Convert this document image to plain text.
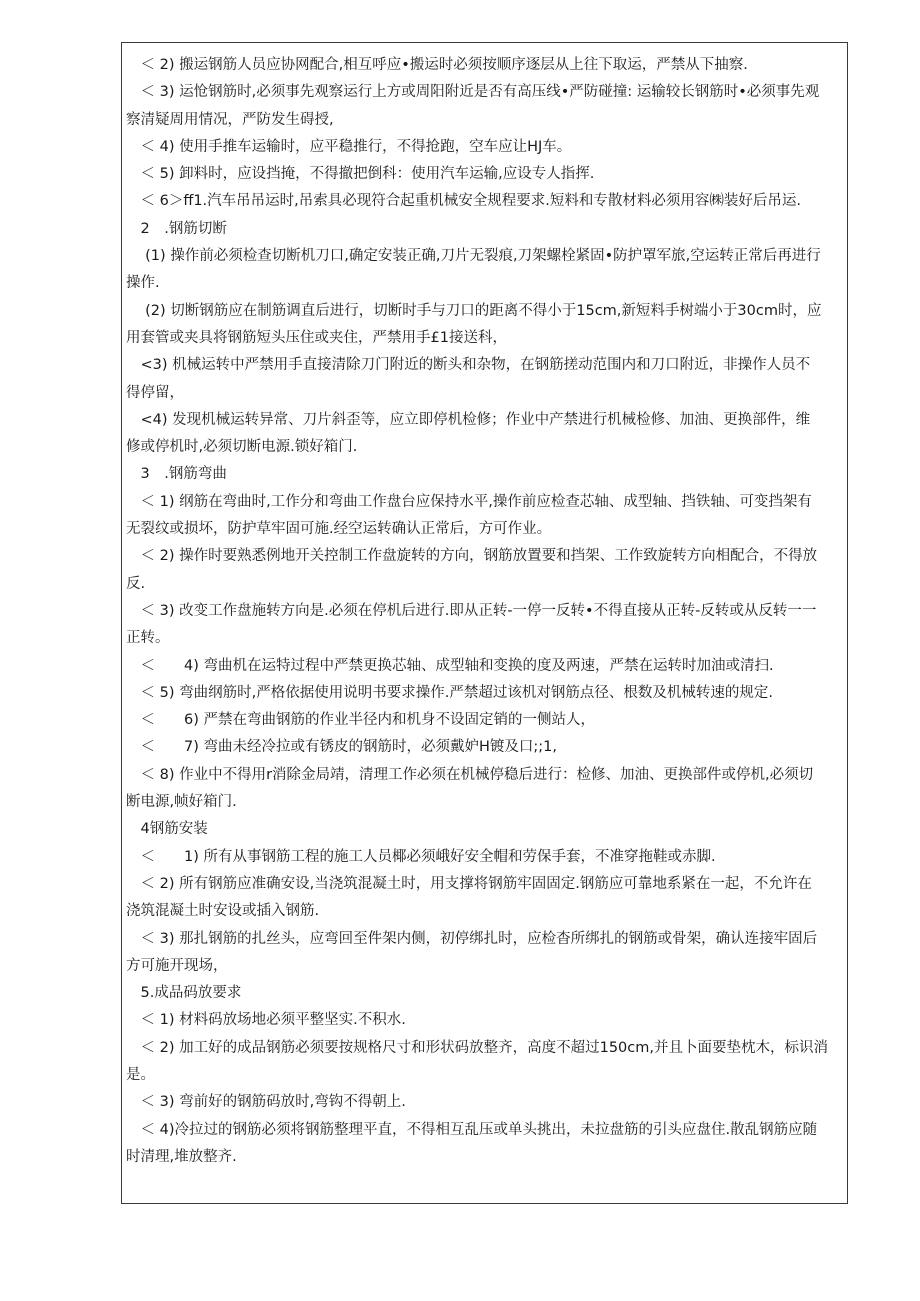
　＜ 2) 搬运钢筋人员应协网配合,相互呼应•搬运时必须按顺序逐层从上往下取运，严禁从下抽察.
　＜ 3) 运怆钢筋时,必须事先观察运行上方或周阳附近是否有高压线•严防碰撞: 运输较长钢筋时•必须事先观
察清疑周用情况，严防发生碍授,
　＜ 4) 使用手推车运输时，应平稳推行，不得抢跑，空车应让HJ车。
　＜ 5) 卸料时，应设挡掩，不得撤把倒科：使用汽车运输,应设专人指挥.
　＜ 6＞ff1.汽车吊吊运时,吊索具必现符合起重机械安全规程要求.短料和专散材料必须用容㈱装好后吊运.
　2　.钢筋切断
　 (1) 操作前必须检查切断机刀口,确定安装正确,刀片无裂痕,刀架螺栓紧固•防护罩军旅,空运转正常后再进行
操作.
　 (2) 切断钢筋应在制筋调直后进行，切断时手与刀口的距离不得小于15cm,新短料手树端小于30cm时，应
用套管或夹具将钢筋短头压住或夹住，严禁用手£1接送科，
　<3) 机械运转中严禁用手直接清除刀门附近的断头和杂物，在钢筋搓动范围内和刀口附近，非操作人员不
得停留，
　<4) 发现机械运转异常、刀片斜歪等，应立即停机检修；作业中产禁进行机械检修、加油、更换部件，维
修或停机时,必须切断电源.锁好箱门.
　3　.钢筋弯曲
　＜ 1) 纲筋在弯曲时,工作分和弯曲工作盘台应保持水平,操作前应检查芯轴、成型轴、挡铁轴、可变挡架有
无裂纹或损坏，防护草牢固可施.经空运转确认正常后，方可作业。
　＜ 2) 操作时要熟悉例地开关控制工作盘旋转的方向，钢筋放置要和挡架、工作致旋转方向相配合，不得放
反.
　＜ 3) 改变工作盘施转方向是.必须在停机后进行.即从正转-一停一反转•不得直接从正转-反转或从反转一一
正转。
　＜　　4) 弯曲机在运特过程中严禁更换芯轴、成型轴和变换的度及两速，严禁在运转时加油或清扫.
　＜ 5) 弯曲纲筋时,严格依据使用说明书要求操作.严禁超过该机对钢筋点径、根数及机械转速的规定.
　＜　　6) 严禁在弯曲钢筋的作业半径内和机身不设固定销的一侧站人，
　＜　　7) 弯曲未经冷拉或有锈皮的钢筋时，必须戴妒H镀及口;;1,
　＜ 8) 作业中不得用r消除金局靖，清理工作必须在机械停稳后进行：检修、加油、更换部件或停机,必须切
断电源,帧好箱门.
　4钢筋安装
　＜　　1) 所有从事钢筋工程的施工人员椰必须峨好安全帽和劳保手套，不准穿拖鞋或赤脚.
　＜ 2) 所有钢筋应准确安设,当浇筑混凝土时，用支撑将钢筋牢固固定.钢筋应可靠地系紧在一起，不允许在
浇筑混凝土时安设或插入钢筋.
　＜ 3) 那扎钢筋的扎丝头，应弯回至件架内侧，初停绑扎时，应检杳所绑扎的钢筋或骨架，确认连接牢固后
方可施开现场，
　5.成品码放要求
　＜ 1) 材料码放场地必须平整坚实.不积水.
　＜ 2) 加工好的成品钢筋必须要按规格尺寸和形状码放整齐，高度不超过150cm,并且卜面要垫枕木，标识消
是。
　＜ 3) 弯前好的钢筋码放时,弯钩不得朝上.
　＜ 4)冷拉过的钢筋必须将钢筋整理平直，不得相互乱压或单头挑出，未拉盘筋的引头应盘住.散乱钢筋应随
时清理,堆放整齐.
